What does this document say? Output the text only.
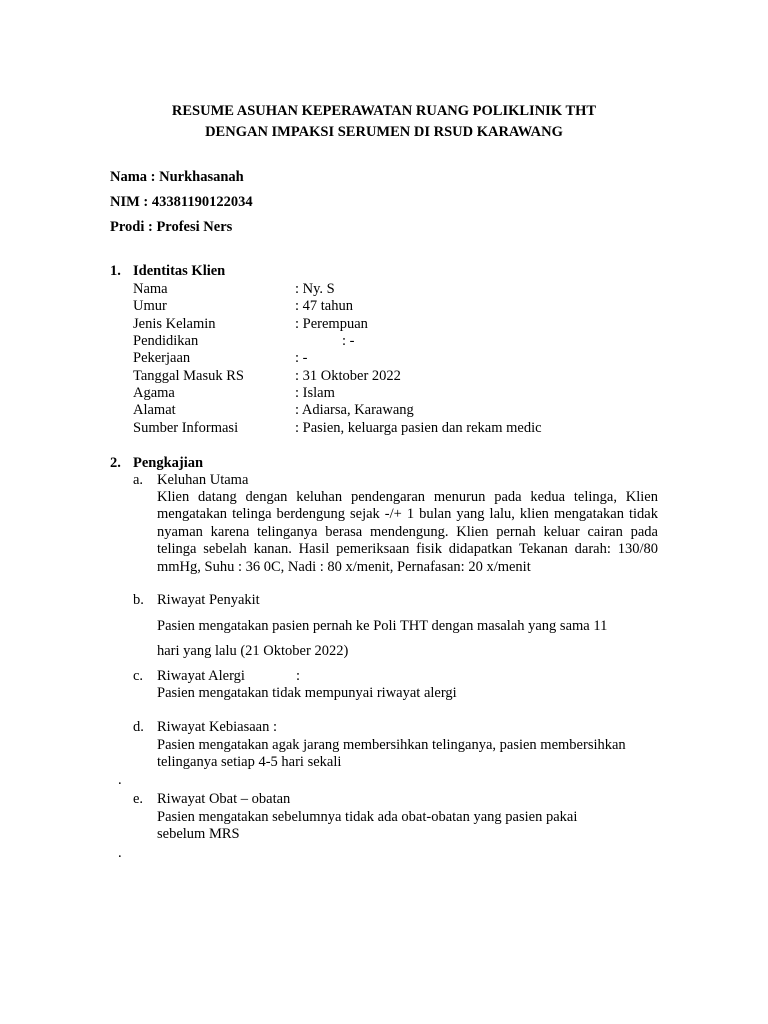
RESUME ASUHAN KEPERAWATAN RUANG POLIKLINIK THT
DENGAN IMPAKSI SERUMEN DI RSUD KARAWANG
Nama : Nurkhasanah
NIM : 43381190122034
Prodi : Profesi Ners
1. Identitas Klien
Nama	: Ny. S
Umur	: 47 tahun
Jenis Kelamin	: Perempuan
Pendidikan	: -
Pekerjaan	: -
Tanggal Masuk RS	: 31 Oktober 2022
Agama	: Islam
Alamat	: Adiarsa, Karawang
Sumber Informasi	: Pasien, keluarga pasien dan rekam medic
2. Pengkajian
a. Keluhan Utama
Klien datang dengan keluhan pendengaran menurun pada kedua telinga, Klien mengatakan telinga berdengung sejak -/+ 1 bulan yang lalu, klien mengatakan tidak nyaman karena telinganya berasa mendengung. Klien pernah keluar cairan pada telinga sebelah kanan. Hasil pemeriksaan fisik didapatkan Tekanan darah: 130/80 mmHg, Suhu : 36 0C, Nadi : 80 x/menit, Pernafasan: 20 x/menit
b. Riwayat Penyakit
Pasien mengatakan pasien pernah ke Poli THT dengan masalah yang sama 11
hari yang lalu (21 Oktober 2022)
c. Riwayat Alergi	:
Pasien mengatakan tidak mempunyai riwayat alergi
d. Riwayat Kebiasaan :
Pasien mengatakan agak jarang membersihkan telinganya, pasien membersihkan telinganya setiap 4-5 hari sekali
.
e. Riwayat Obat – obatan
Pasien mengatakan sebelumnya tidak ada obat-obatan yang pasien pakai sebelum MRS
.
